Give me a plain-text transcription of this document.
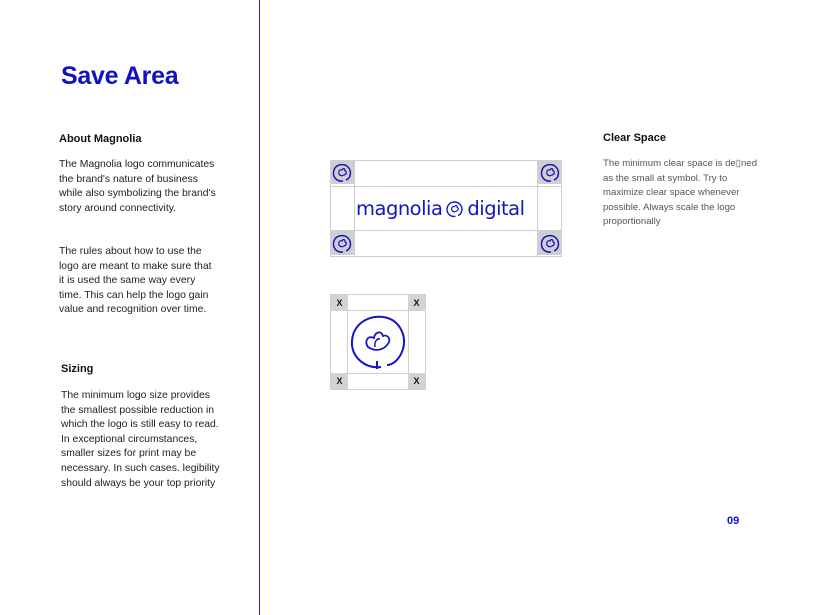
Save Area
About Magnolia
The Magnolia logo communicates the brand's nature of business while also symbolizing the brand's story around connectivity.
The rules about how to use the logo are meant to make sure that it is used the same way every time. This can help the logo gain value and recognition over time.
Sizing
The minimum logo size provides the smallest possible reduction in which the logo is still easy to read. In exceptional circumstances, smaller sizes for print may be necessary. In such cases. legibility should always be your top priority
Clear Space
The minimum clear space is de▯ned as the small at symbol. Try to maximize clear space whenever possible. Always scale the logo proportionally
magnolia digital
X	X
X	X
09
